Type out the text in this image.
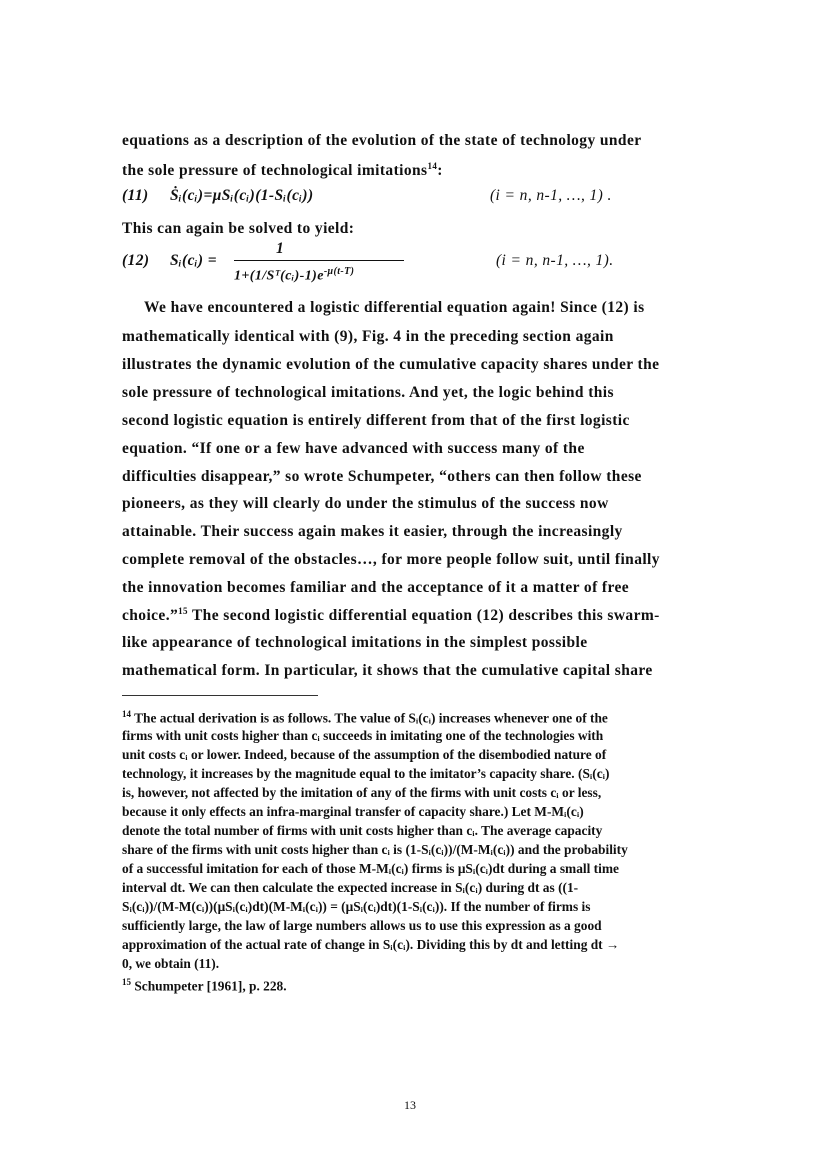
equations as a description of the evolution of the state of technology under
the sole pressure of technological imitations$^{14}$:
(11) Ṡᵢ(cᵢ)=μSᵢ(cᵢ)(1-Sᵢ(cᵢ))	(i = n, n-1, …, 1) .
This can again be solved to yield:
1
(12) Sᵢ(cᵢ) =
$1+(1/Sᵀ(cᵢ)-1)e^{-\mu(t-T)}$
(i = n, n-1, …, 1).
We have encountered a logistic differential equation again! Since (12) is
mathematically identical with (9), Fig. 4 in the preceding section again
illustrates the dynamic evolution of the cumulative capacity shares under the
sole pressure of technological imitations. And yet, the logic behind this
second logistic equation is entirely different from that of the first logistic
equation. “If one or a few have advanced with success many of the
difficulties disappear,” so wrote Schumpeter, “others can then follow these
pioneers, as they will clearly do under the stimulus of the success now
attainable. Their success again makes it easier, through the increasingly
complete removal of the obstacles…, for more people follow suit, until finally
the innovation becomes familiar and the acceptance of it a matter of free
choice.”$^{15}$ The second logistic differential equation (12) describes this swarm-
like appearance of technological imitations in the simplest possible
mathematical form. In particular, it shows that the cumulative capital share
$^{14}$ The actual derivation is as follows. The value of Sᵢ(cᵢ) increases whenever one of the
firms with unit costs higher than cᵢ succeeds in imitating one of the technologies with
unit costs cᵢ or lower. Indeed, because of the assumption of the disembodied nature of
technology, it increases by the magnitude equal to the imitator’s capacity share. (Sᵢ(cᵢ)
is, however, not affected by the imitation of any of the firms with unit costs cᵢ or less,
because it only effects an infra-marginal transfer of capacity share.) Let M-Mᵢ(cᵢ)
denote the total number of firms with unit costs higher than cᵢ. The average capacity
share of the firms with unit costs higher than cᵢ is (1-Sᵢ(cᵢ))/(M-Mᵢ(cᵢ)) and the probability
of a successful imitation for each of those M-Mᵢ(cᵢ) firms is μSᵢ(cᵢ)dt during a small time
interval dt. We can then calculate the expected increase in Sᵢ(cᵢ) during dt as ((1-
Sᵢ(cᵢ))/(M-M(cᵢ))(μSᵢ(cᵢ)dt)(M-Mᵢ(cᵢ)) = (μSᵢ(cᵢ)dt)(1-Sᵢ(cᵢ)). If the number of firms is
sufficiently large, the law of large numbers allows us to use this expression as a good
approximation of the actual rate of change in Sᵢ(cᵢ). Dividing this by dt and letting dt →
0, we obtain (11).
$^{15}$ Schumpeter [1961], p. 228.
13
